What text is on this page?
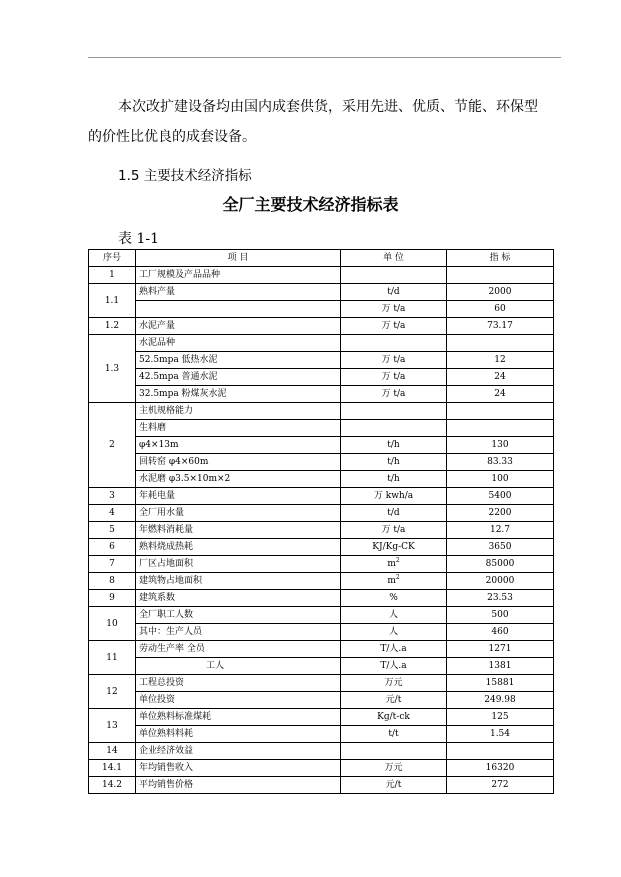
本次改扩建设备均由国内成套供货，采用先进、优质、节能、环保型
的价性比优良的成套设备。
1.5 主要技术经济指标
全厂主要技术经济指标表
表 1-1
序号	项 目	单 位	指 标
1	工厂规模及产品品种		
1.1	熟料产量	t/d	2000
		万 t/a	60
1.2	水泥产量	万 t/a	73.17
1.3	水泥品种		
	52.5mpa 低热水泥	万 t/a	12
	42.5mpa 普通水泥	万 t/a	24
	32.5mpa 粉煤灰水泥	万 t/a	24
2	主机规格能力		
	生料磨		
	φ4×13m	t/h	130
	回转窑 φ4×60m	t/h	83.33
	水泥磨 φ3.5×10m×2	t/h	100
3	年耗电量	万 kwh/a	5400
4	全厂用水量	t/d	2200
5	年燃料消耗量	万 t/a	12.7
6	熟料烧成热耗	KJ/Kg-CK	3650
7	厂区占地面积	$m^2$	85000
8	建筑物占地面积	$m^2$	20000
9	建筑系数	%	23.53
10	全厂职工人数	人	500
	其中：生产人员	人	460
11	劳动生产率 全员	T/人.a	1271
	工人	T/人.a	1381
12	工程总投资	万元	15881
	单位投资	元/t	249.98
13	单位熟料标准煤耗	Kg/t-ck	125
	单位熟料料耗	t/t	1.54
14	企业经济效益		
14.1	年均销售收入	万元	16320
14.2	平均销售价格	元/t	272
